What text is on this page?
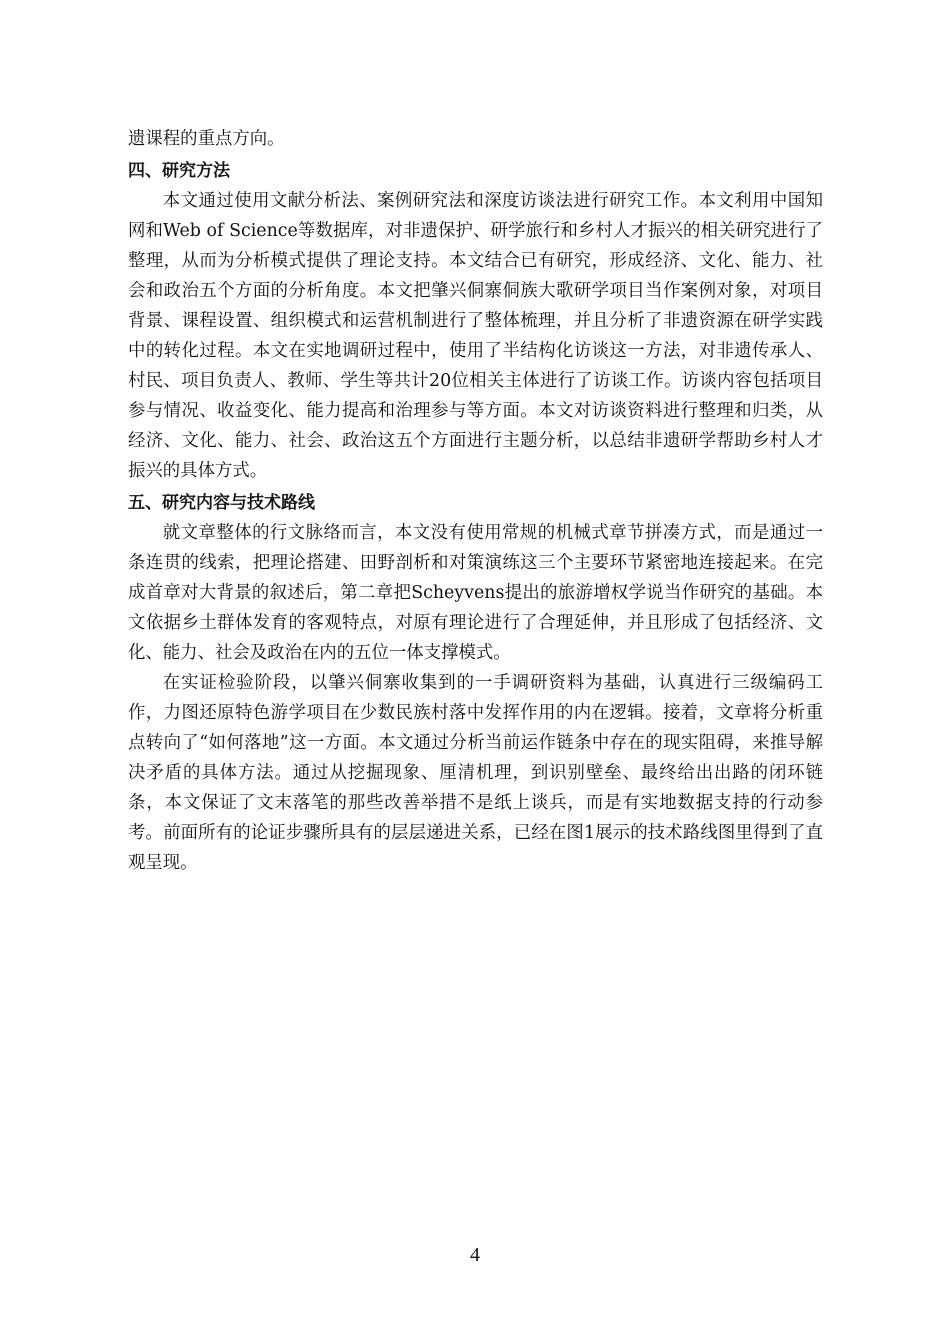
遗课程的重点方向。

四、研究方法

本文通过使用文献分析法、案例研究法和深度访谈法进行研究工作。本文利用中国知网和Web of Science等数据库，对非遗保护、研学旅行和乡村人才振兴的相关研究进行了整理，从而为分析模式提供了理论支持。本文结合已有研究，形成经济、文化、能力、社会和政治五个方面的分析角度。本文把肇兴侗寨侗族大歌研学项目当作案例对象，对项目背景、课程设置、组织模式和运营机制进行了整体梳理，并且分析了非遗资源在研学实践中的转化过程。本文在实地调研过程中，使用了半结构化访谈这一方法，对非遗传承人、村民、项目负责人、教师、学生等共计20位相关主体进行了访谈工作。访谈内容包括项目参与情况、收益变化、能力提高和治理参与等方面。本文对访谈资料进行整理和归类，从经济、文化、能力、社会、政治这五个方面进行主题分析，以总结非遗研学帮助乡村人才振兴的具体方式。

五、研究内容与技术路线

就文章整体的行文脉络而言，本文没有使用常规的机械式章节拼凑方式，而是通过一条连贯的线索，把理论搭建、田野剖析和对策演练这三个主要环节紧密地连接起来。在完成首章对大背景的叙述后，第二章把Scheyvens提出的旅游增权学说当作研究的基础。本文依据乡土群体发育的客观特点，对原有理论进行了合理延伸，并且形成了包括经济、文化、能力、社会及政治在内的五位一体支撑模式。

在实证检验阶段，以肇兴侗寨收集到的一手调研资料为基础，认真进行三级编码工作，力图还原特色游学项目在少数民族村落中发挥作用的内在逻辑。接着，文章将分析重点转向了“如何落地”这一方面。本文通过分析当前运作链条中存在的现实阻碍，来推导解决矛盾的具体方法。通过从挖掘现象、厘清机理，到识别壁垒、最终给出出路的闭环链条，本文保证了文末落笔的那些改善举措不是纸上谈兵，而是有实地数据支持的行动参考。前面所有的论证步骤所具有的层层递进关系，已经在图1展示的技术路线图里得到了直观呈现。

4
